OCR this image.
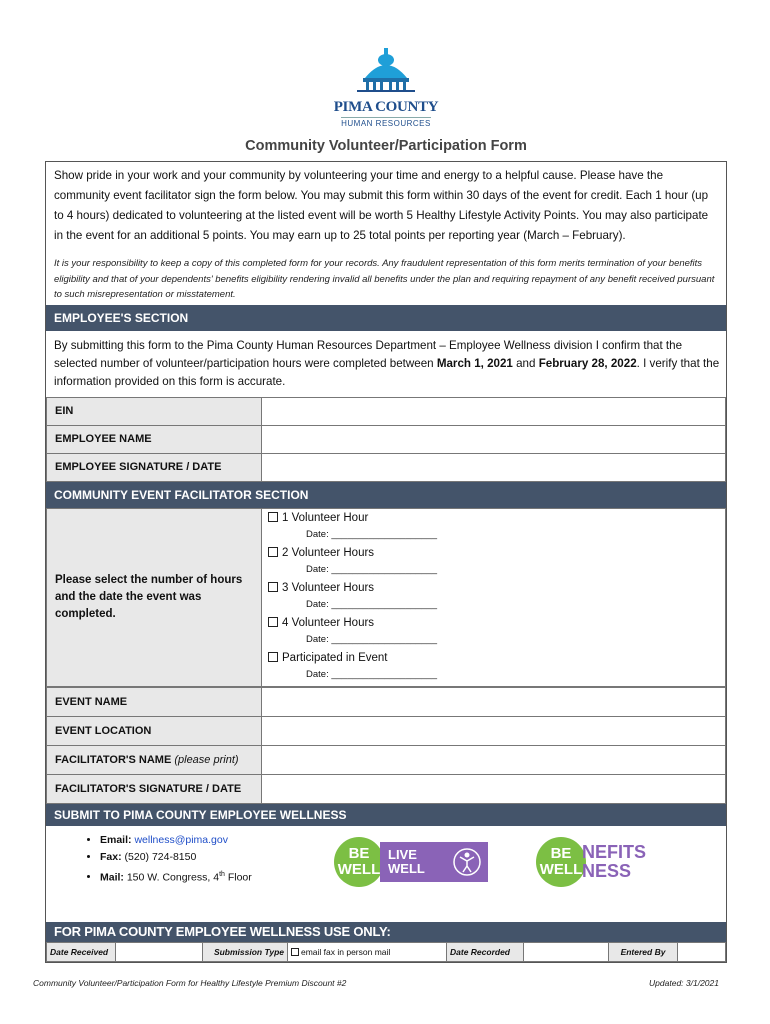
PIMA COUNTY
HUMAN RESOURCES
Community Volunteer/Participation Form
Show pride in your work and your community by volunteering your time and energy to a helpful cause. Please have the community event facilitator sign the form below. You may submit this form within 30 days of the event for credit. Each 1 hour (up to 4 hours) dedicated to volunteering at the listed event will be worth 5 Healthy Lifestyle Activity Points. You may also participate in the event for an additional 5 points. You may earn up to 25 total points per reporting year (March – February).
It is your responsibility to keep a copy of this completed form for your records. Any fraudulent representation of this form merits termination of your benefits eligibility and that of your dependents' benefits eligibility rendering invalid all benefits under the plan and requiring repayment of any benefit received pursuant to such misrepresentation or misstatement.
EMPLOYEE'S SECTION
By submitting this form to the Pima County Human Resources Department – Employee Wellness division I confirm that the selected number of volunteer/participation hours were completed between March 1, 2021 and February 28, 2022. I verify that the information provided on this form is accurate.
EIN	
EMPLOYEE NAME	
EMPLOYEE SIGNATURE / DATE	
COMMUNITY EVENT FACILITATOR SECTION
Please select the number of hours and the date the event was completed.	
1 Volunteer Hour
Date: ____________________
2 Volunteer Hours
Date: ____________________
3 Volunteer Hours
Date: ____________________
4 Volunteer Hours
Date: ____________________
Participated in Event
Date: ____________________
EVENT NAME	
EVENT LOCATION	
FACILITATOR'S NAME (please print)	
FACILITATOR'S SIGNATURE / DATE	
SUBMIT TO PIMA COUNTY EMPLOYEE WELLNESS
• Email: wellness@pima.gov
• Fax: (520) 724-8150
• Mail: 150 W. Congress, 4th Floor
BE
WELL
LIVE
WELL
BE
WELL
NEFITS
NESS
FOR PIMA COUNTY EMPLOYEE WELLNESS USE ONLY:
Date Received		Submission Type	email fax in person mail	Date Recorded		Entered By	
Community Volunteer/Participation Form for Healthy Lifestyle Premium Discount #2	Updated: 3/1/2021
